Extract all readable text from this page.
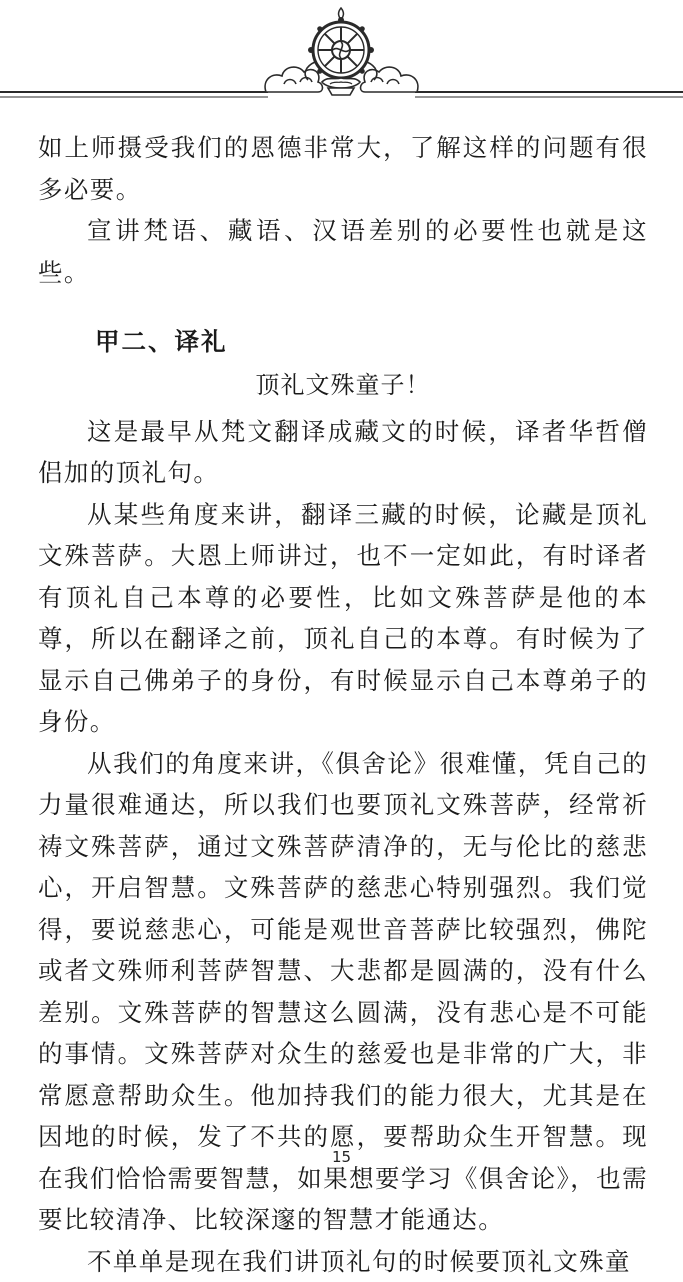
如上师摄受我们的恩德非常大，了解这样的问题有很多必要。

宣讲梵语、藏语、汉语差别的必要性也就是这些。

甲二、译礼

顶礼文殊童子！

这是最早从梵文翻译成藏文的时候，译者华哲僧侣加的顶礼句。

从某些角度来讲，翻译三藏的时候，论藏是顶礼文殊菩萨。大恩上师讲过，也不一定如此，有时译者有顶礼自己本尊的必要性，比如文殊菩萨是他的本尊，所以在翻译之前，顶礼自己的本尊。有时候为了显示自己佛弟子的身份，有时候显示自己本尊弟子的身份。

从我们的角度来讲，《俱舍论》很难懂，凭自己的力量很难通达，所以我们也要顶礼文殊菩萨，经常祈祷文殊菩萨，通过文殊菩萨清净的，无与伦比的慈悲心，开启智慧。文殊菩萨的慈悲心特别强烈。我们觉得，要说慈悲心，可能是观世音菩萨比较强烈，佛陀或者文殊师利菩萨智慧、大悲都是圆满的，没有什么差别。文殊菩萨的智慧这么圆满，没有悲心是不可能的事情。文殊菩萨对众生的慈爱也是非常的广大，非常愿意帮助众生。他加持我们的能力很大，尤其是在因地的时候，发了不共的愿，要帮助众生开智慧。现在我们恰恰需要智慧，如果想要学习《俱舍论》，也需要比较清净、比较深邃的智慧才能通达。

不单单是现在我们讲顶礼句的时候要顶礼文殊童

15
